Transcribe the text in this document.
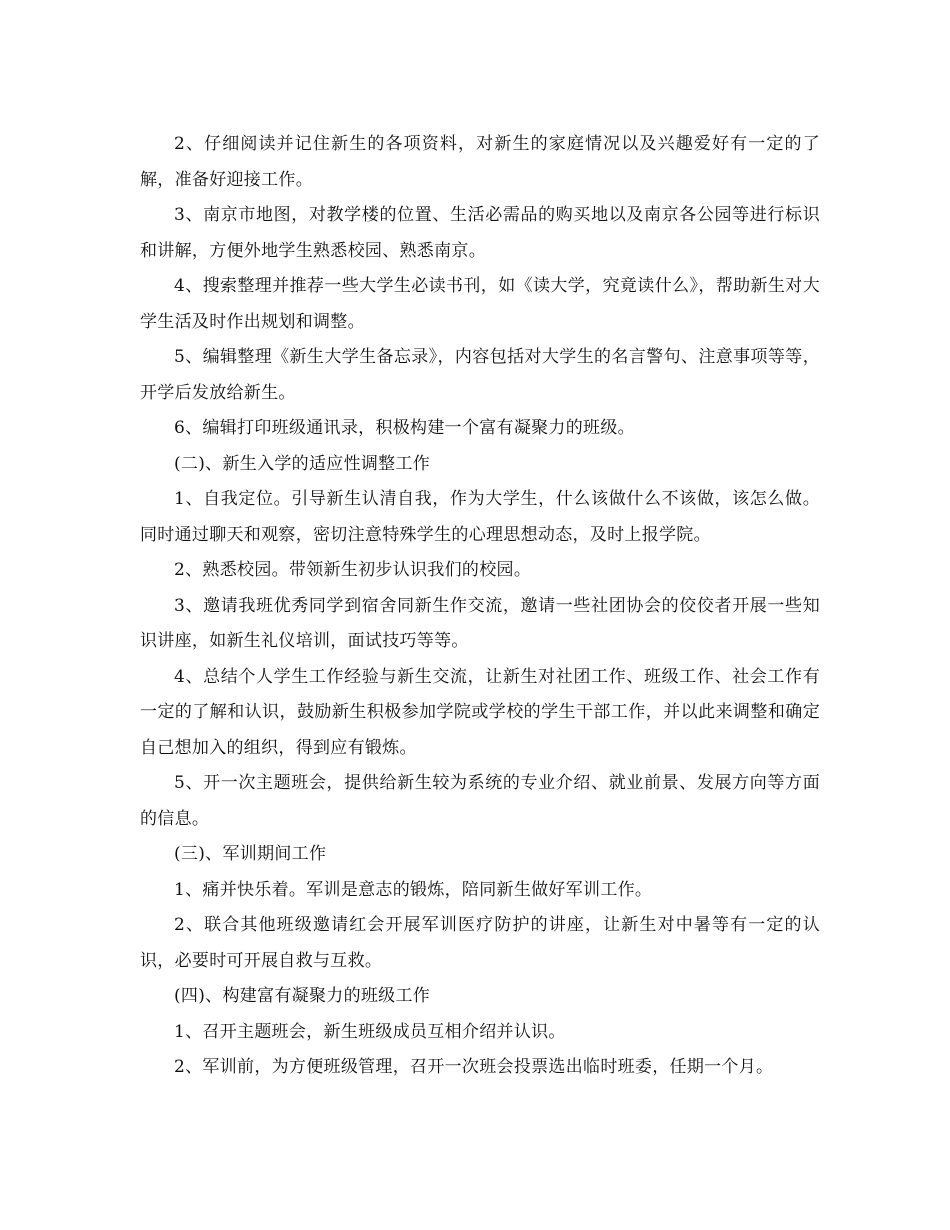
2、仔细阅读并记住新生的各项资料，对新生的家庭情况以及兴趣爱好有一定的了解，准备好迎接工作。

3、南京市地图，对教学楼的位置、生活必需品的购买地以及南京各公园等进行标识和讲解，方便外地学生熟悉校园、熟悉南京。

4、搜索整理并推荐一些大学生必读书刊，如《读大学，究竟读什么》，帮助新生对大学生活及时作出规划和调整。

5、编辑整理《新生大学生备忘录》，内容包括对大学生的名言警句、注意事项等等，开学后发放给新生。

6、编辑打印班级通讯录，积极构建一个富有凝聚力的班级。

(二)、新生入学的适应性调整工作

1、自我定位。引导新生认清自我，作为大学生，什么该做什么不该做，该怎么做。同时通过聊天和观察，密切注意特殊学生的心理思想动态，及时上报学院。

2、熟悉校园。带领新生初步认识我们的校园。

3、邀请我班优秀同学到宿舍同新生作交流，邀请一些社团协会的佼佼者开展一些知识讲座，如新生礼仪培训，面试技巧等等。

4、总结个人学生工作经验与新生交流，让新生对社团工作、班级工作、社会工作有一定的了解和认识，鼓励新生积极参加学院或学校的学生干部工作，并以此来调整和确定自己想加入的组织，得到应有锻炼。

5、开一次主题班会，提供给新生较为系统的专业介绍、就业前景、发展方向等方面的信息。

(三)、军训期间工作

1、痛并快乐着。军训是意志的锻炼，陪同新生做好军训工作。

2、联合其他班级邀请红会开展军训医疗防护的讲座，让新生对中暑等有一定的认识，必要时可开展自救与互救。

(四)、构建富有凝聚力的班级工作

1、召开主题班会，新生班级成员互相介绍并认识。

2、军训前，为方便班级管理，召开一次班会投票选出临时班委，任期一个月。
